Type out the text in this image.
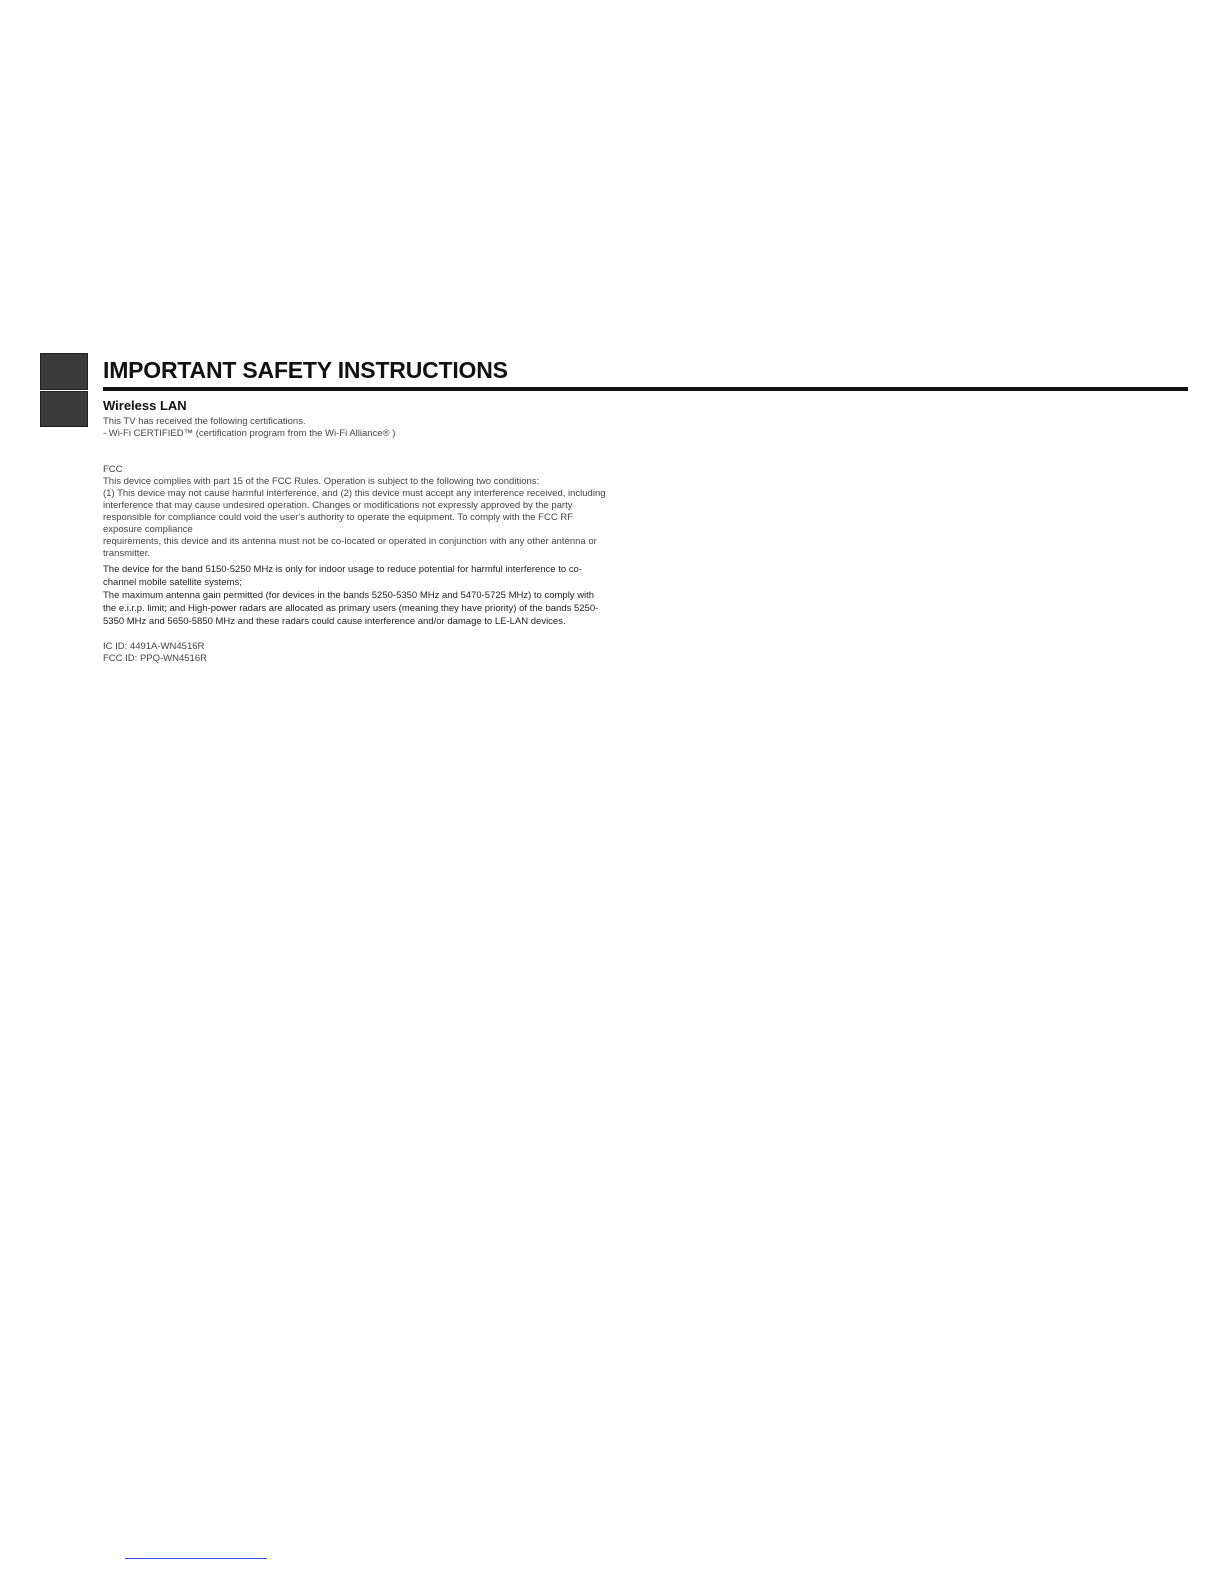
IMPORTANT SAFETY INSTRUCTIONS
Wireless LAN

This TV has received the following certifications.

- Wi-Fi CERTIFIED™ (certification program from the Wi-Fi Alliance® )

FCC

This device complies with part 15 of the FCC Rules. Operation is subject to the following two conditions:

(1) This device may not cause harmful interference, and (2) this device must accept any interference received, including

interference that may cause undesired operation. Changes or modifications not expressly approved by the party

responsible for compliance could void the user's authority to operate the equipment. To comply with the FCC RF

exposure compliance

requirements, this device and its antenna must not be co-located or operated in conjunction with any other antenna or

transmitter.

The device for the band 5150-5250 MHz is only for indoor usage to reduce potential for harmful interference to co-

channel mobile satellite systems;

The maximum antenna gain permitted (for devices in the bands 5250-5350 MHz and 5470-5725 MHz) to comply with

the e.i.r.p. limit; and High-power radars are allocated as primary users (meaning they have priority) of the bands 5250-

5350 MHz and 5650-5850 MHz and these radars could cause interference and/or damage to LE-LAN devices.

IC ID: 4491A-WN4516R

FCC ID: PPQ-WN4516R
